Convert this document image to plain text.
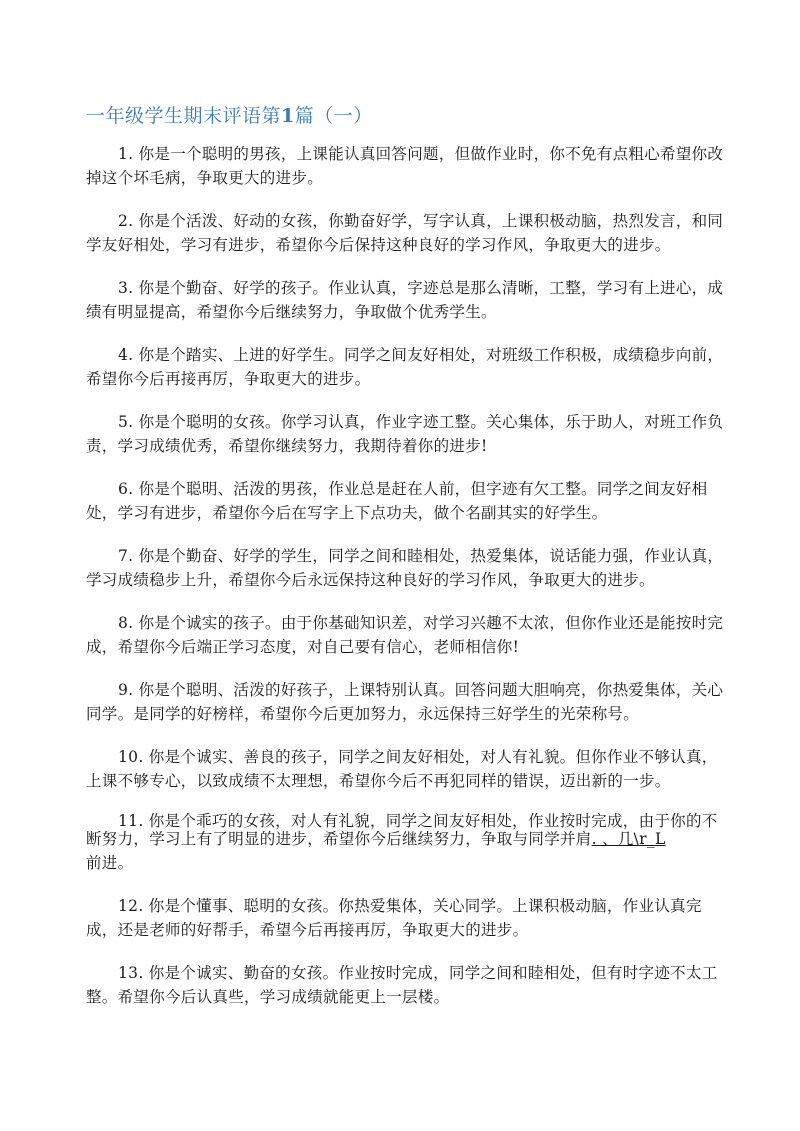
一年级学生期末评语第1篇（一）

1. 你是一个聪明的男孩，上课能认真回答问题，但做作业时，你不免有点粗心希望你改掉这个坏毛病，争取更大的进步。

2. 你是个活泼、好动的女孩，你勤奋好学，写字认真，上课积极动脑，热烈发言，和同学友好相处，学习有进步，希望你今后保持这种良好的学习作风，争取更大的进步。

3. 你是个勤奋、好学的孩子。作业认真，字迹总是那么清晰，工整，学习有上进心，成绩有明显提高，希望你今后继续努力，争取做个优秀学生。

4. 你是个踏实、上进的好学生。同学之间友好相处，对班级工作积极，成绩稳步向前，希望你今后再接再厉，争取更大的进步。

5. 你是个聪明的女孩。你学习认真，作业字迹工整。关心集体，乐于助人，对班工作负责，学习成绩优秀，希望你继续努力，我期待着你的进步!

6. 你是个聪明、活泼的男孩，作业总是赶在人前，但字迹有欠工整。同学之间友好相处，学习有进步，希望你今后在写字上下点功夫，做个名副其实的好学生。

7. 你是个勤奋、好学的学生，同学之间和睦相处，热爱集体，说话能力强，作业认真，学习成绩稳步上升，希望你今后永远保持这种良好的学习作风，争取更大的进步。

8. 你是个诚实的孩子。由于你基础知识差，对学习兴趣不太浓，但你作业还是能按时完成，希望你今后端正学习态度，对自己要有信心，老师相信你!

9. 你是个聪明、活泼的好孩子，上课特别认真。回答问题大胆响亮，你热爱集体，关心同学。是同学的好榜样，希望你今后更加努力，永远保持三好学生的光荣称号。

10. 你是个诚实、善良的孩子，同学之间友好相处，对人有礼貌。但你作业不够认真，上课不够专心，以致成绩不太理想，希望你今后不再犯同样的错误，迈出新的一步。

11. 你是个乖巧的女孩，对人有礼貌，同学之间友好相处，作业按时完成，由于你的不断努力，学习上有了明显的进步，希望你今后继续努力，争取与同学并肩. 、几\r_L
前进。

12. 你是个懂事、聪明的女孩。你热爱集体，关心同学。上课积极动脑，作业认真完成，还是老师的好帮手，希望今后再接再厉，争取更大的进步。

13. 你是个诚实、勤奋的女孩。作业按时完成，同学之间和睦相处，但有时字迹不太工整。希望你今后认真些，学习成绩就能更上一层楼。
